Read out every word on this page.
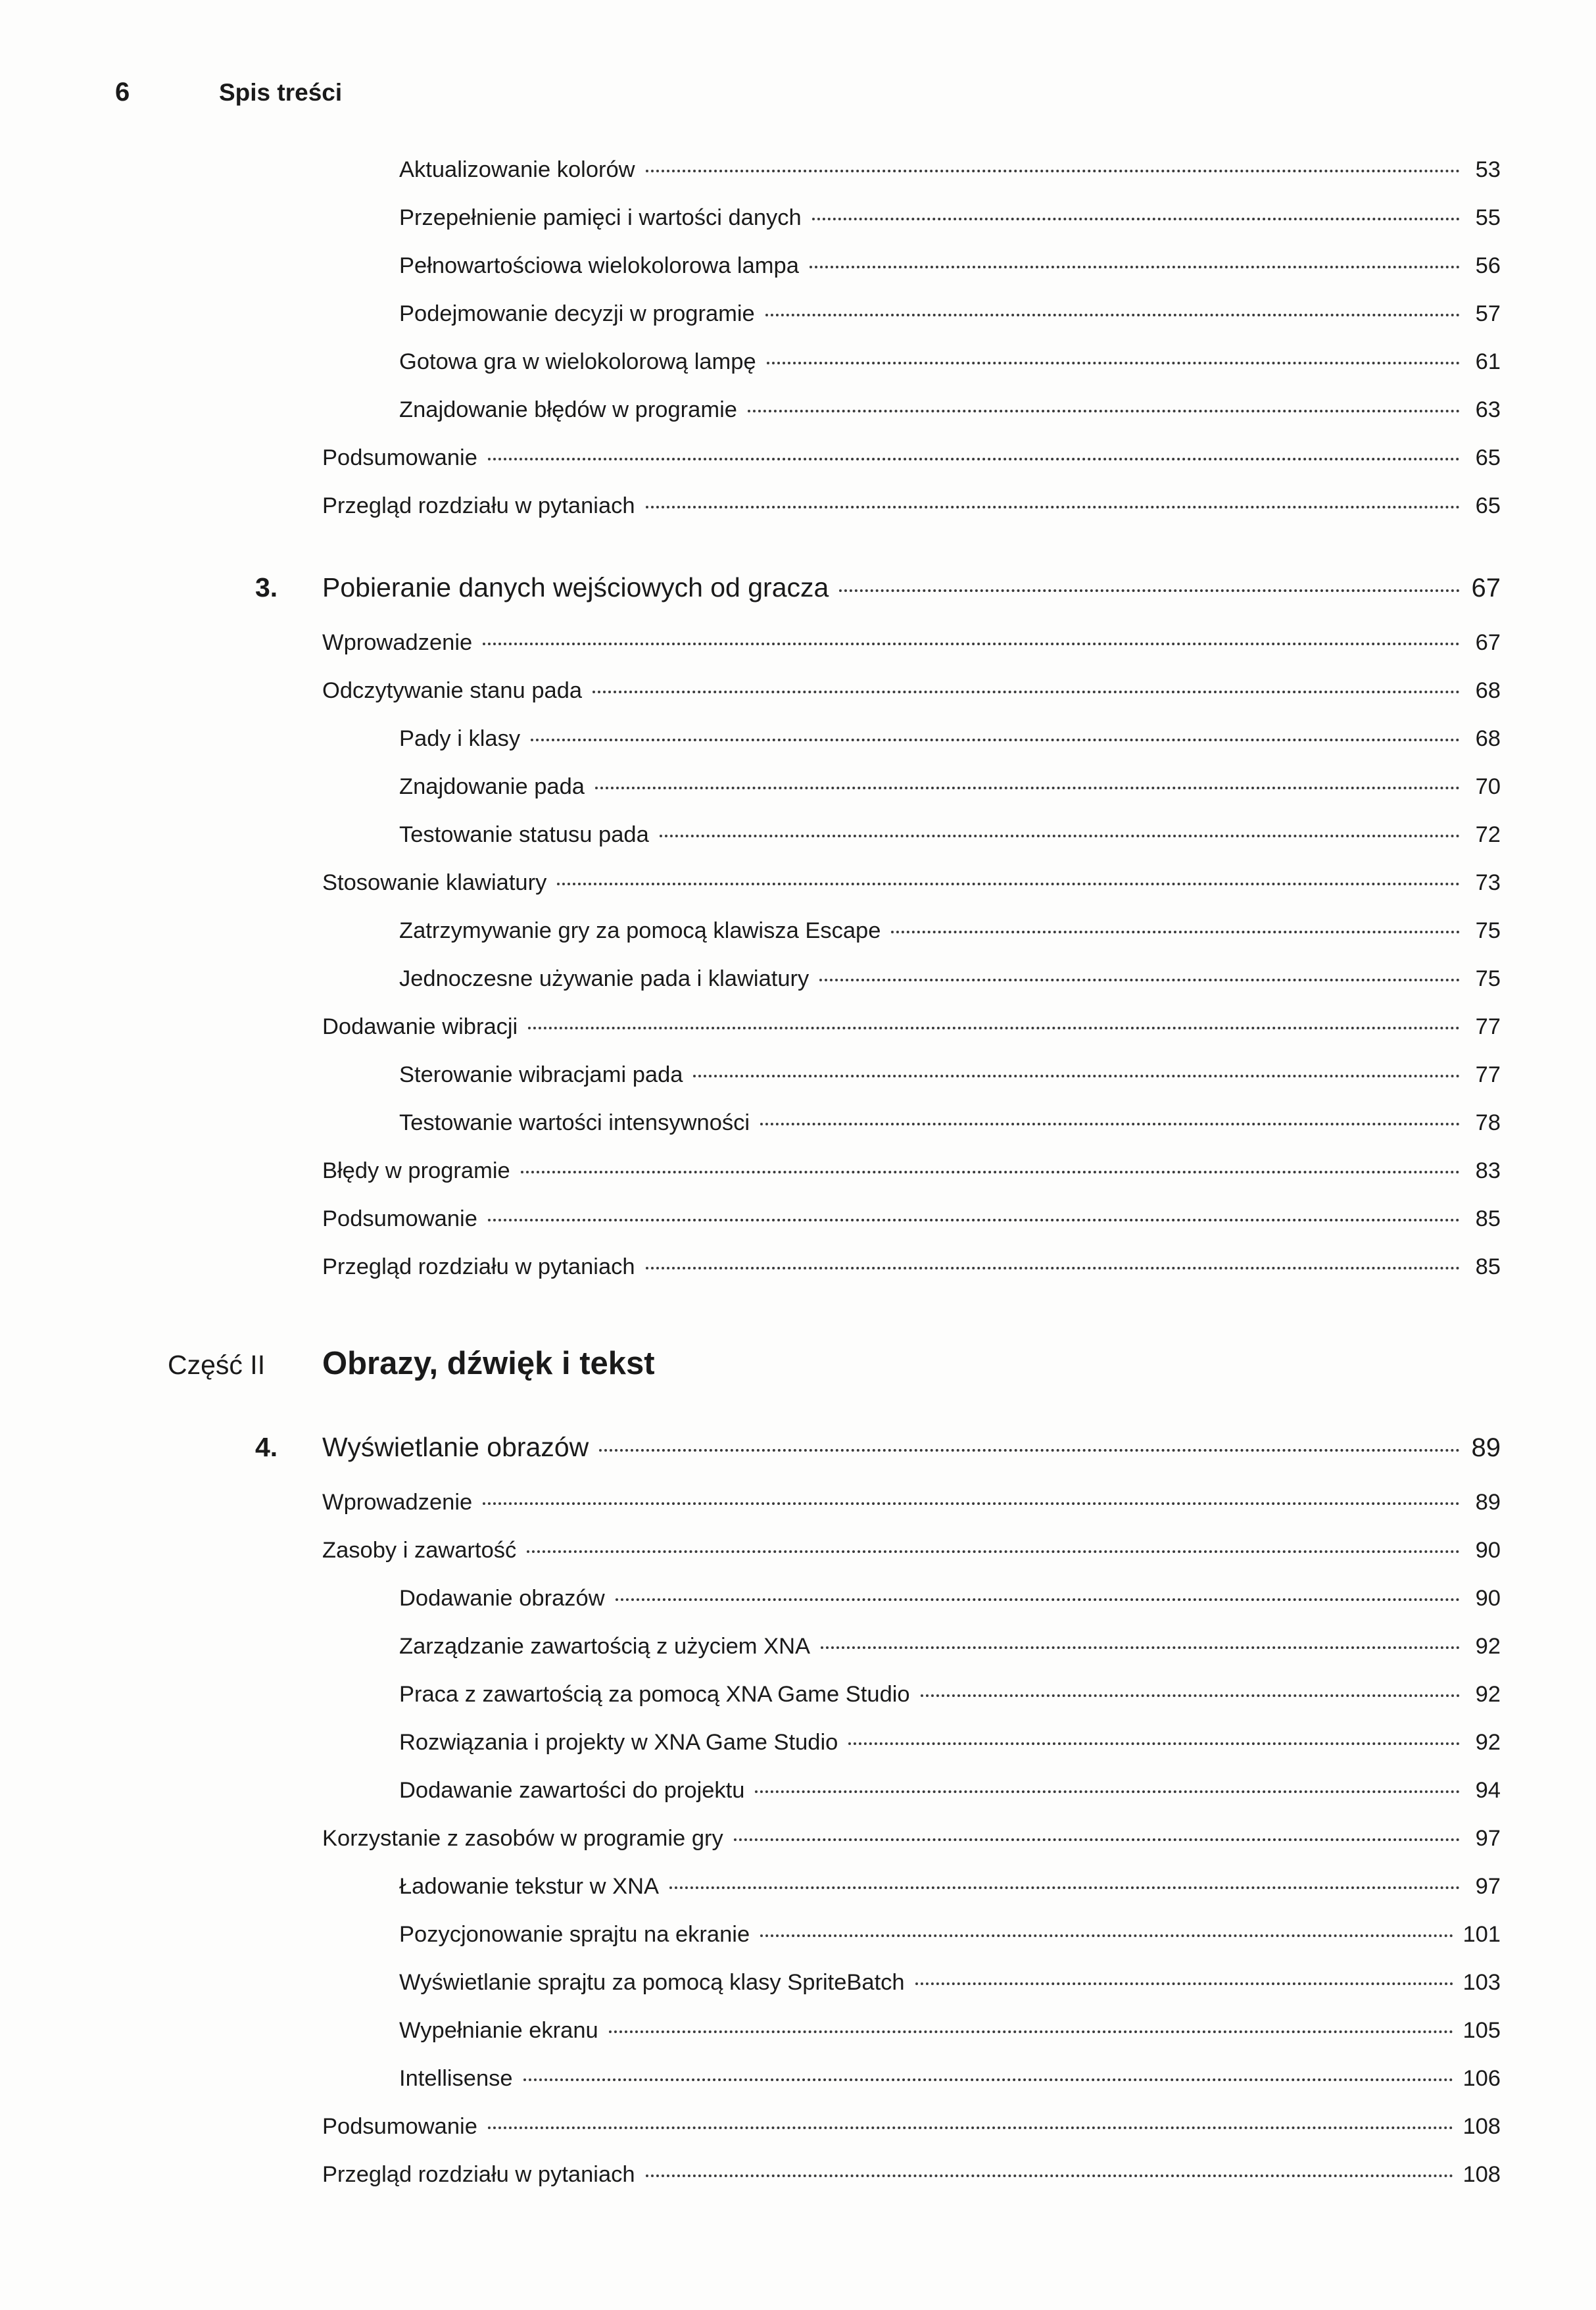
6	Spis treści
Aktualizowanie kolorów	53
Przepełnienie pamięci i wartości danych	55
Pełnowartościowa wielokolorowa lampa	56
Podejmowanie decyzji w programie	57
Gotowa gra w wielokolorową lampę	61
Znajdowanie błędów w programie	63
Podsumowanie	65
Przegląd rozdziału w pytaniach	65
3.	Pobieranie danych wejściowych od gracza	67
Wprowadzenie	67
Odczytywanie stanu pada	68
Pady i klasy	68
Znajdowanie pada	70
Testowanie statusu pada	72
Stosowanie klawiatury	73
Zatrzymywanie gry za pomocą klawisza Escape	75
Jednoczesne używanie pada i klawiatury	75
Dodawanie wibracji	77
Sterowanie wibracjami pada	77
Testowanie wartości intensywności	78
Błędy w programie	83
Podsumowanie	85
Przegląd rozdziału w pytaniach	85
Część II	Obrazy, dźwięk i tekst
4.	Wyświetlanie obrazów	89
Wprowadzenie	89
Zasoby i zawartość	90
Dodawanie obrazów	90
Zarządzanie zawartością z użyciem XNA	92
Praca z zawartością za pomocą XNA Game Studio	92
Rozwiązania i projekty w XNA Game Studio	92
Dodawanie zawartości do projektu	94
Korzystanie z zasobów w programie gry	97
Ładowanie tekstur w XNA	97
Pozycjonowanie sprajtu na ekranie	101
Wyświetlanie sprajtu za pomocą klasy SpriteBatch	103
Wypełnianie ekranu	105
Intellisense	106
Podsumowanie	108
Przegląd rozdziału w pytaniach	108
